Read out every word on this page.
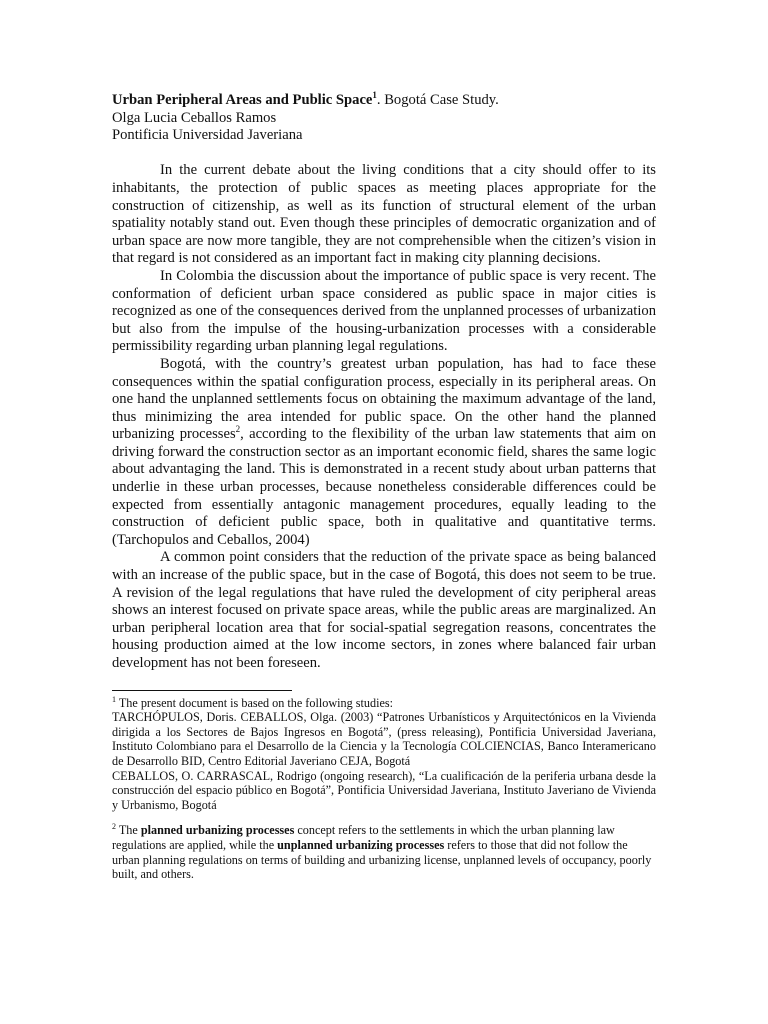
Urban Peripheral Areas and Public Space$^1$. Bogotá Case Study.

Olga Lucia Ceballos Ramos

Pontificia Universidad Javeriana

In the current debate about the living conditions that a city should offer to its inhabitants, the protection of public spaces as meeting places appropriate for the construction of citizenship, as well as its function of structural element of the urban spatiality notably stand out. Even though these principles of democratic organization and of urban space are now more tangible, they are not comprehensible when the citizen’s vision in that regard is not considered as an important fact in making city planning decisions.

In Colombia the discussion about the importance of public space is very recent. The conformation of deficient urban space considered as public space in major cities is recognized as one of the consequences derived from the unplanned processes of urbanization but also from the impulse of the housing-urbanization processes with a considerable permissibility regarding urban planning legal regulations.

Bogotá, with the country’s greatest urban population, has had to face these consequences within the spatial configuration process, especially in its peripheral areas. On one hand the unplanned settlements focus on obtaining the maximum advantage of the land, thus minimizing the area intended for public space. On the other hand the planned urbanizing processes$^2$, according to the flexibility of the urban law statements that aim on driving forward the construction sector as an important economic field, shares the same logic about advantaging the land. This is demonstrated in a recent study about urban patterns that underlie in these urban processes, because nonetheless considerable differences could be expected from essentially antagonic management procedures, equally leading to the construction of deficient public space, both in qualitative and quantitative terms. (Tarchopulos and Ceballos, 2004)

A common point considers that the reduction of the private space as being balanced with an increase of the public space, but in the case of Bogotá, this does not seem to be true. A revision of the legal regulations that have ruled the development of city peripheral areas shows an interest focused on private space areas, while the public areas are marginalized. An urban peripheral location area that for social-spatial segregation reasons, concentrates the housing production aimed at the low income sectors, in zones where balanced fair urban development has not been foreseen.

$^1$ The present document is based on the following studies:

TARCHÓPULOS, Doris. CEBALLOS, Olga. (2003) “Patrones Urbanísticos y Arquitectónicos en la Vivienda dirigida a los Sectores de Bajos Ingresos en Bogotá”, (press releasing), Pontificia Universidad Javeriana, Instituto Colombiano para el Desarrollo de la Ciencia y la Tecnología COLCIENCIAS, Banco Interamericano de Desarrollo BID, Centro Editorial Javeriano CEJA, Bogotá

CEBALLOS, O. CARRASCAL, Rodrigo (ongoing research), “La cualificación de la periferia urbana desde la construcción del espacio público en Bogotá”, Pontificia Universidad Javeriana, Instituto Javeriano de Vivienda y Urbanismo, Bogotá

$^2$ The planned urbanizing processes concept refers to the settlements in which the urban planning law regulations are applied, while the unplanned urbanizing processes refers to those that did not follow the urban planning regulations on terms of building and urbanizing license, unplanned levels of occupancy, poorly built, and others.
